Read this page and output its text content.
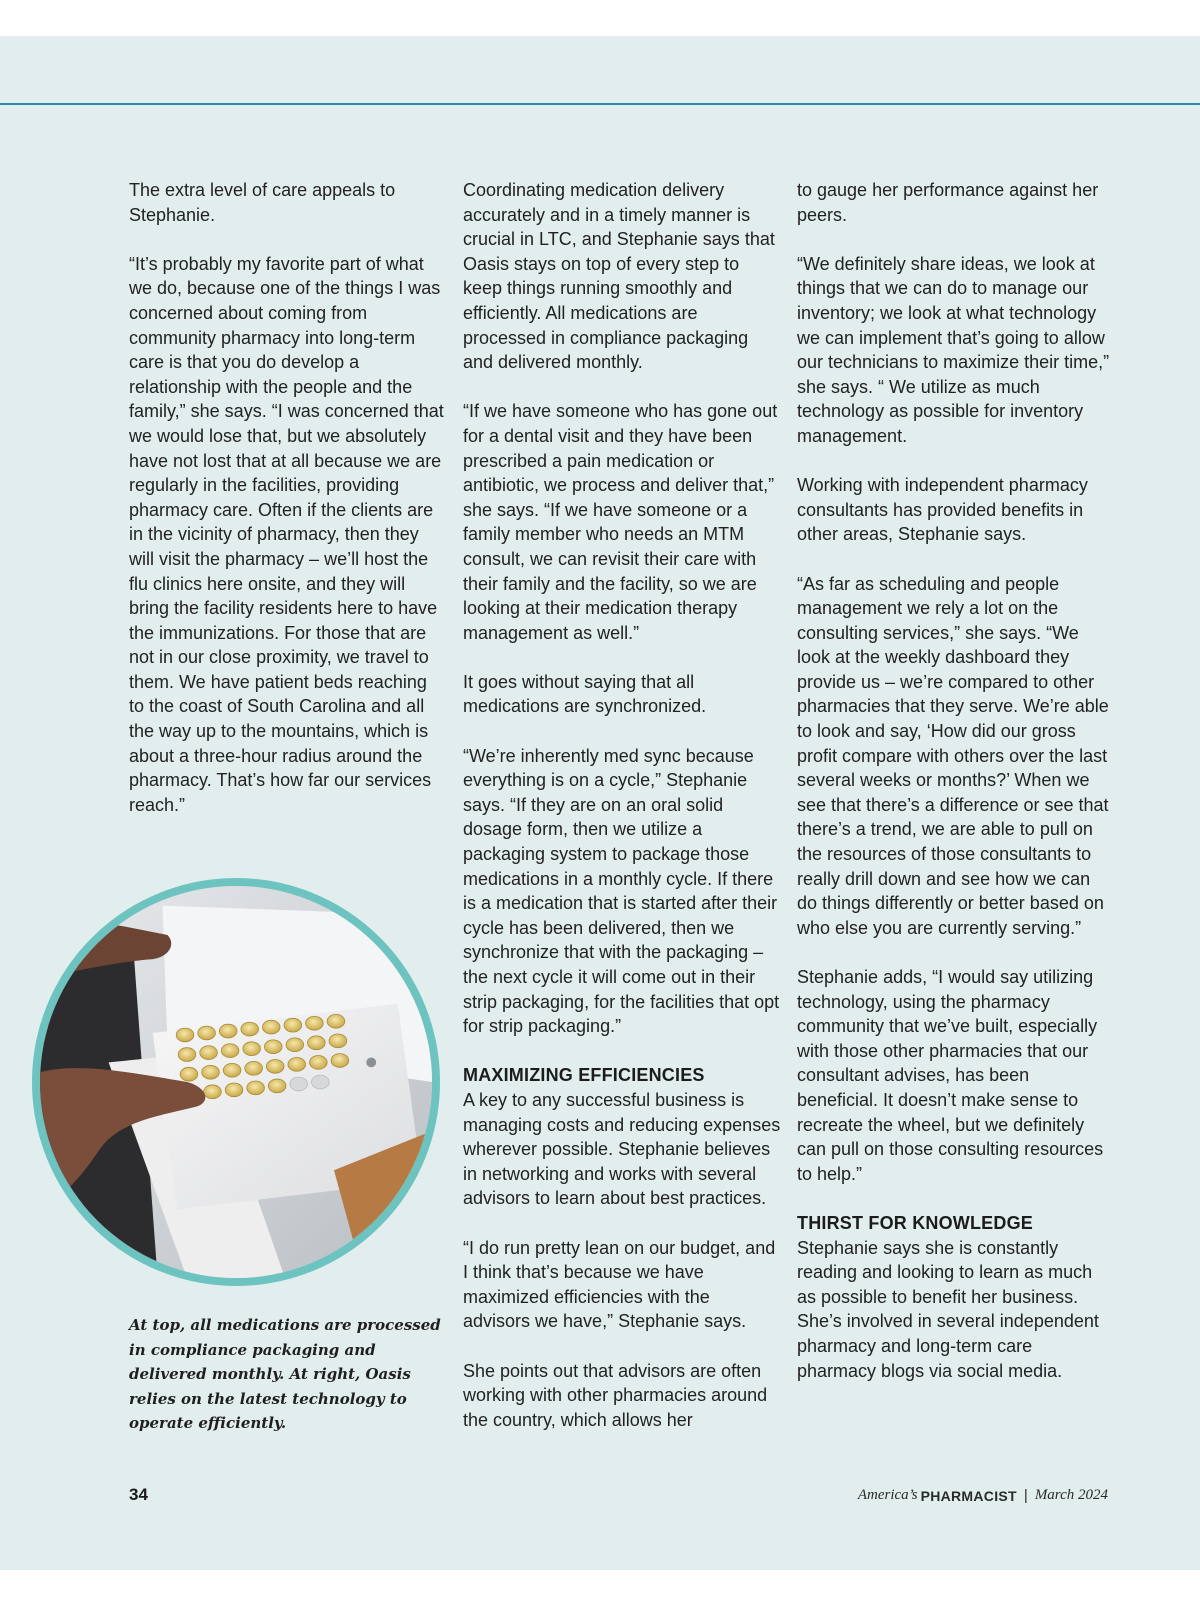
The extra level of care appeals to Stephanie.

“It’s probably my favorite part of what we do, because one of the things I was concerned about coming from community pharmacy into long-term care is that you do develop a relationship with the people and the family,” she says. “I was concerned that we would lose that, but we absolutely have not lost that at all because we are regularly in the facilities, providing pharmacy care. Often if the clients are in the vicinity of pharmacy, then they will visit the pharmacy – we’ll host the flu clinics here onsite, and they will bring the facility residents here to have the immunizations. For those that are not in our close proximity, we travel to them. We have patient beds reaching to the coast of South Carolina and all the way up to the mountains, which is about a three-hour radius around the pharmacy. That’s how far our services reach.”

At top, all medications are processed in compliance packaging and delivered monthly. At right, Oasis relies on the latest technology to operate efficiently.

Coordinating medication delivery accurately and in a timely manner is crucial in LTC, and Stephanie says that Oasis stays on top of every step to keep things running smoothly and efficiently. All medications are processed in compliance packaging and delivered monthly.

“If we have someone who has gone out for a dental visit and they have been prescribed a pain medication or antibiotic, we process and deliver that,” she says. “If we have someone or a family member who needs an MTM consult, we can revisit their care with their family and the facility, so we are looking at their medication therapy management as well.”

It goes without saying that all medications are synchronized.

“We’re inherently med sync because everything is on a cycle,” Stephanie says. “If they are on an oral solid dosage form, then we utilize a packaging system to package those medications in a monthly cycle. If there is a medication that is started after their cycle has been delivered, then we synchronize that with the packaging – the next cycle it will come out in their strip packaging, for the facilities that opt for strip packaging.”

MAXIMIZING EFFICIENCIES

A key to any successful business is managing costs and reducing expenses wherever possible. Stephanie believes in networking and works with several advisors to learn about best practices.

“I do run pretty lean on our budget, and I think that’s because we have maximized efficiencies with the advisors we have,” Stephanie says.

She points out that advisors are often working with other pharmacies around the country, which allows her

to gauge her performance against her peers.

“We definitely share ideas, we look at things that we can do to manage our inventory; we look at what technology we can implement that’s going to allow our technicians to maximize their time,” she says. “ We utilize as much technology as possible for inventory management.

Working with independent pharmacy consultants has provided benefits in other areas, Stephanie says.

“As far as scheduling and people management we rely a lot on the consulting services,” she says. “We look at the weekly dashboard they provide us – we’re compared to other pharmacies that they serve. We’re able to look and say, ‘How did our gross profit compare with others over the last several weeks or months?’ When we see that there’s a difference or see that there’s a trend, we are able to pull on the resources of those consultants to really drill down and see how we can do things differently or better based on who else you are currently serving.”

Stephanie adds, “I would say utilizing technology, using the pharmacy community that we’ve built, especially with those other pharmacies that our consultant advises, has been beneficial. It doesn’t make sense to recreate the wheel, but we definitely can pull on those consulting resources to help.”

THIRST FOR KNOWLEDGE

Stephanie says she is constantly reading and looking to learn as much as possible to benefit her business. She’s involved in several independent pharmacy and long-term care pharmacy blogs via social media.

34	America’s PHARMACIST | March 2024
